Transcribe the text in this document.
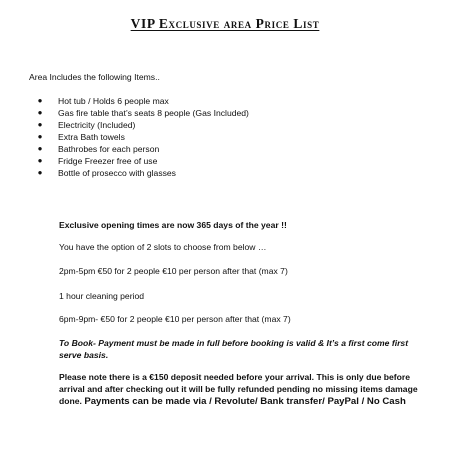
VIP Exclusive area Price List
Area Includes the following Items..
●	Hot tub / Holds 6 people max
●	Gas fire table that’s seats 8 people (Gas Included)
●	Electricity (Included)
●	Extra Bath towels
●	Bathrobes for each person
●	Fridge Freezer free of use
●	Bottle of prosecco with glasses
Exclusive opening times are now 365 days of the year !!
You have the option of 2 slots to choose from below …
2pm-5pm €50 for 2 people €10 per person after that (max 7)
1 hour cleaning period
6pm-9pm- €50 for 2 people €10 per person after that (max 7)
To Book- Payment must be made in full before booking is valid & It’s a first come first serve basis.
Please note there is a €150 deposit needed before your arrival. This is only due before arrival and after checking out it will be fully refunded pending no missing items damage done. Payments can be made via / Revolute/ Bank transfer/ PayPal / No Cash
